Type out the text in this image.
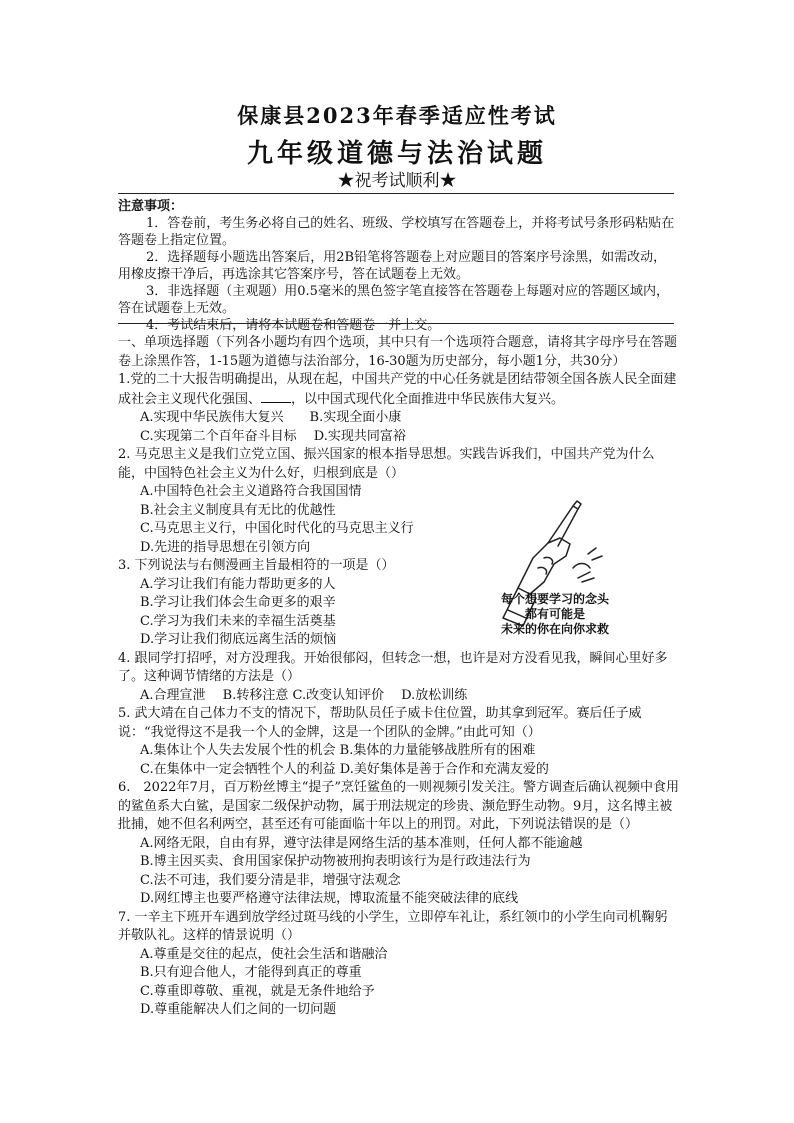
保康县2023年春季适应性考试
九年级道德与法治试题
★祝考试顺利★

注意事项：

1．答卷前，考生务必将自己的姓名、班级、学校填写在答题卷上，并将考试号条形码粘贴在答题卷上指定位置。

2．选择题每小题选出答案后，用2B铅笔将答题卷上对应题目的答案序号涂黑，如需改动，用橡皮擦干净后，再选涂其它答案序号，答在试题卷上无效。

3．非选择题（主观题）用0.5毫米的黑色签字笔直接答在答题卷上每题对应的答题区域内，答在试题卷上无效。

4．考试结束后，请将本试题卷和答题卷一并上交。

一、单项选择题（下列各小题均有四个选项，其中只有一个选项符合题意，请将其字母序号在答题卷上涂黑作答，1-15题为道德与法治部分，16-30题为历史部分，每小题1分，共30分）

1.党的二十大报告明确提出，从现在起，中国共产党的中心任务就是团结带领全国各族人民全面建成社会主义现代化强国、 ，以中国式现代化全面推进中华民族伟大复兴。

A.实现中华民族伟大复兴　　B.实现全面小康

C.实现第二个百年奋斗目标　 D.实现共同富裕

2. 马克思主义是我们立党立国、振兴国家的根本指导思想。实践告诉我们，中国共产党为什么能，中国特色社会主义为什么好，归根到底是（）

A.中国特色社会主义道路符合我国国情

B.社会主义制度具有无比的优越性

C.马克思主义行，中国化时代化的马克思主义行

D.先进的指导思想在引领方向

3. 下列说法与右侧漫画主旨最相符的一项是（）

A.学习让我们有能力帮助更多的人

B.学习让我们体会生命更多的艰辛

C.学习为我们未来的幸福生活奠基

D.学习让我们彻底远离生活的烦恼

4. 跟同学打招呼，对方没理我。开始很郁闷，但转念一想，也许是对方没看见我，瞬间心里好多了。这种调节情绪的方法是（）

A.合理宣泄　 B.转移注意 C.改变认知评价　 D.放松训练

5. 武大靖在自己体力不支的情况下，帮助队员任子威卡住位置，助其拿到冠军。赛后任子威说：“我觉得这不是我一个人的金牌，这是一个团队的金牌。”由此可知（）

A.集体让个人失去发展个性的机会 B.集体的力量能够战胜所有的困难

C.在集体中一定会牺牲个人的利益 D.美好集体是善于合作和充满友爱的

6.　2022年7月，百万粉丝博主“提子”烹饪鲨鱼的一则视频引发关注。警方调查后确认视频中食用的鲨鱼系大白鲨，是国家二级保护动物，属于刑法规定的珍贵、濒危野生动物。9月，这名博主被批捕，她不但名利两空，甚至还有可能面临十年以上的刑罚。对此，下列说法错误的是（）

A.网络无限，自由有界，遵守法律是网络生活的基本准则，任何人都不能逾越

B.博主因买卖、食用国家保护动物被刑拘表明该行为是行政违法行为

C.法不可违，我们要分清是非，增强守法观念

D.网红博主也要严格遵守法律法规，博取流量不能突破法律的底线

7. 一辛主下班开车遇到放学经过斑马线的小学生，立即停车礼让，系红领巾的小学生向司机鞠躬并敬队礼。这样的情景说明（）

A.尊重是交往的起点，使社会生活和谐融洽

B.只有迎合他人，才能得到真正的尊重

C.尊重即尊敬、重视，就是无条件地给予

D.尊重能解决人们之间的一切问题

每个想要学习的念头
都有可能是
未来的你在向你求救
